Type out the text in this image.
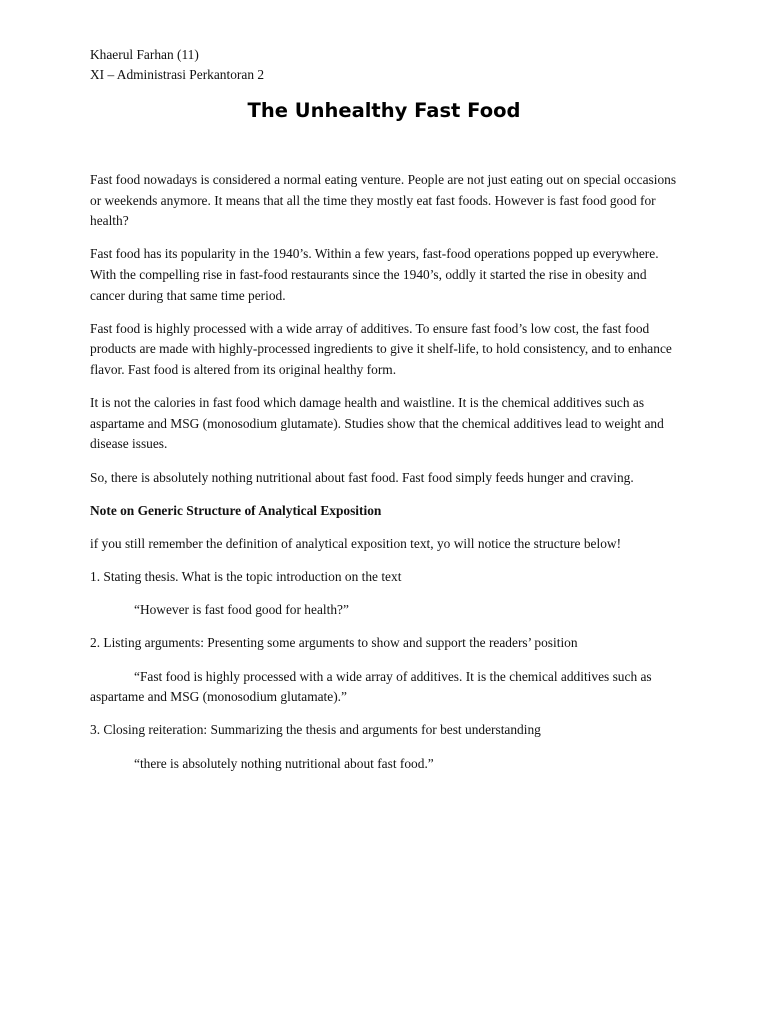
Khaerul Farhan (11)
XI – Administrasi Perkantoran 2
The Unhealthy Fast Food

Fast food nowadays is considered a normal eating venture. People are not just eating out on special occasions or weekends anymore. It means that all the time they mostly eat fast foods. However is fast food good for health?

Fast food has its popularity in the 1940’s. Within a few years, fast-food operations popped up everywhere. With the compelling rise in fast-food restaurants since the 1940’s, oddly it started the rise in obesity and cancer during that same time period.

Fast food is highly processed with a wide array of additives. To ensure fast food’s low cost, the fast food products are made with highly-processed ingredients to give it shelf-life, to hold consistency, and to enhance flavor. Fast food is altered from its original healthy form.

It is not the calories in fast food which damage health and waistline. It is the chemical additives such as aspartame and MSG (monosodium glutamate). Studies show that the chemical additives lead to weight and disease issues.

So, there is absolutely nothing nutritional about fast food. Fast food simply feeds hunger and craving.

Note on Generic Structure of Analytical Exposition

if you still remember the definition of analytical exposition text, yo will notice the structure below!

1. Stating thesis. What is the topic introduction on the text

“However is fast food good for health?”

2. Listing arguments: Presenting some arguments to show and support the readers’ position

“Fast food is highly processed with a wide array of additives. It is the chemical additives such as aspartame and MSG (monosodium glutamate).”

3. Closing reiteration: Summarizing the thesis and arguments for best understanding

“there is absolutely nothing nutritional about fast food.”
